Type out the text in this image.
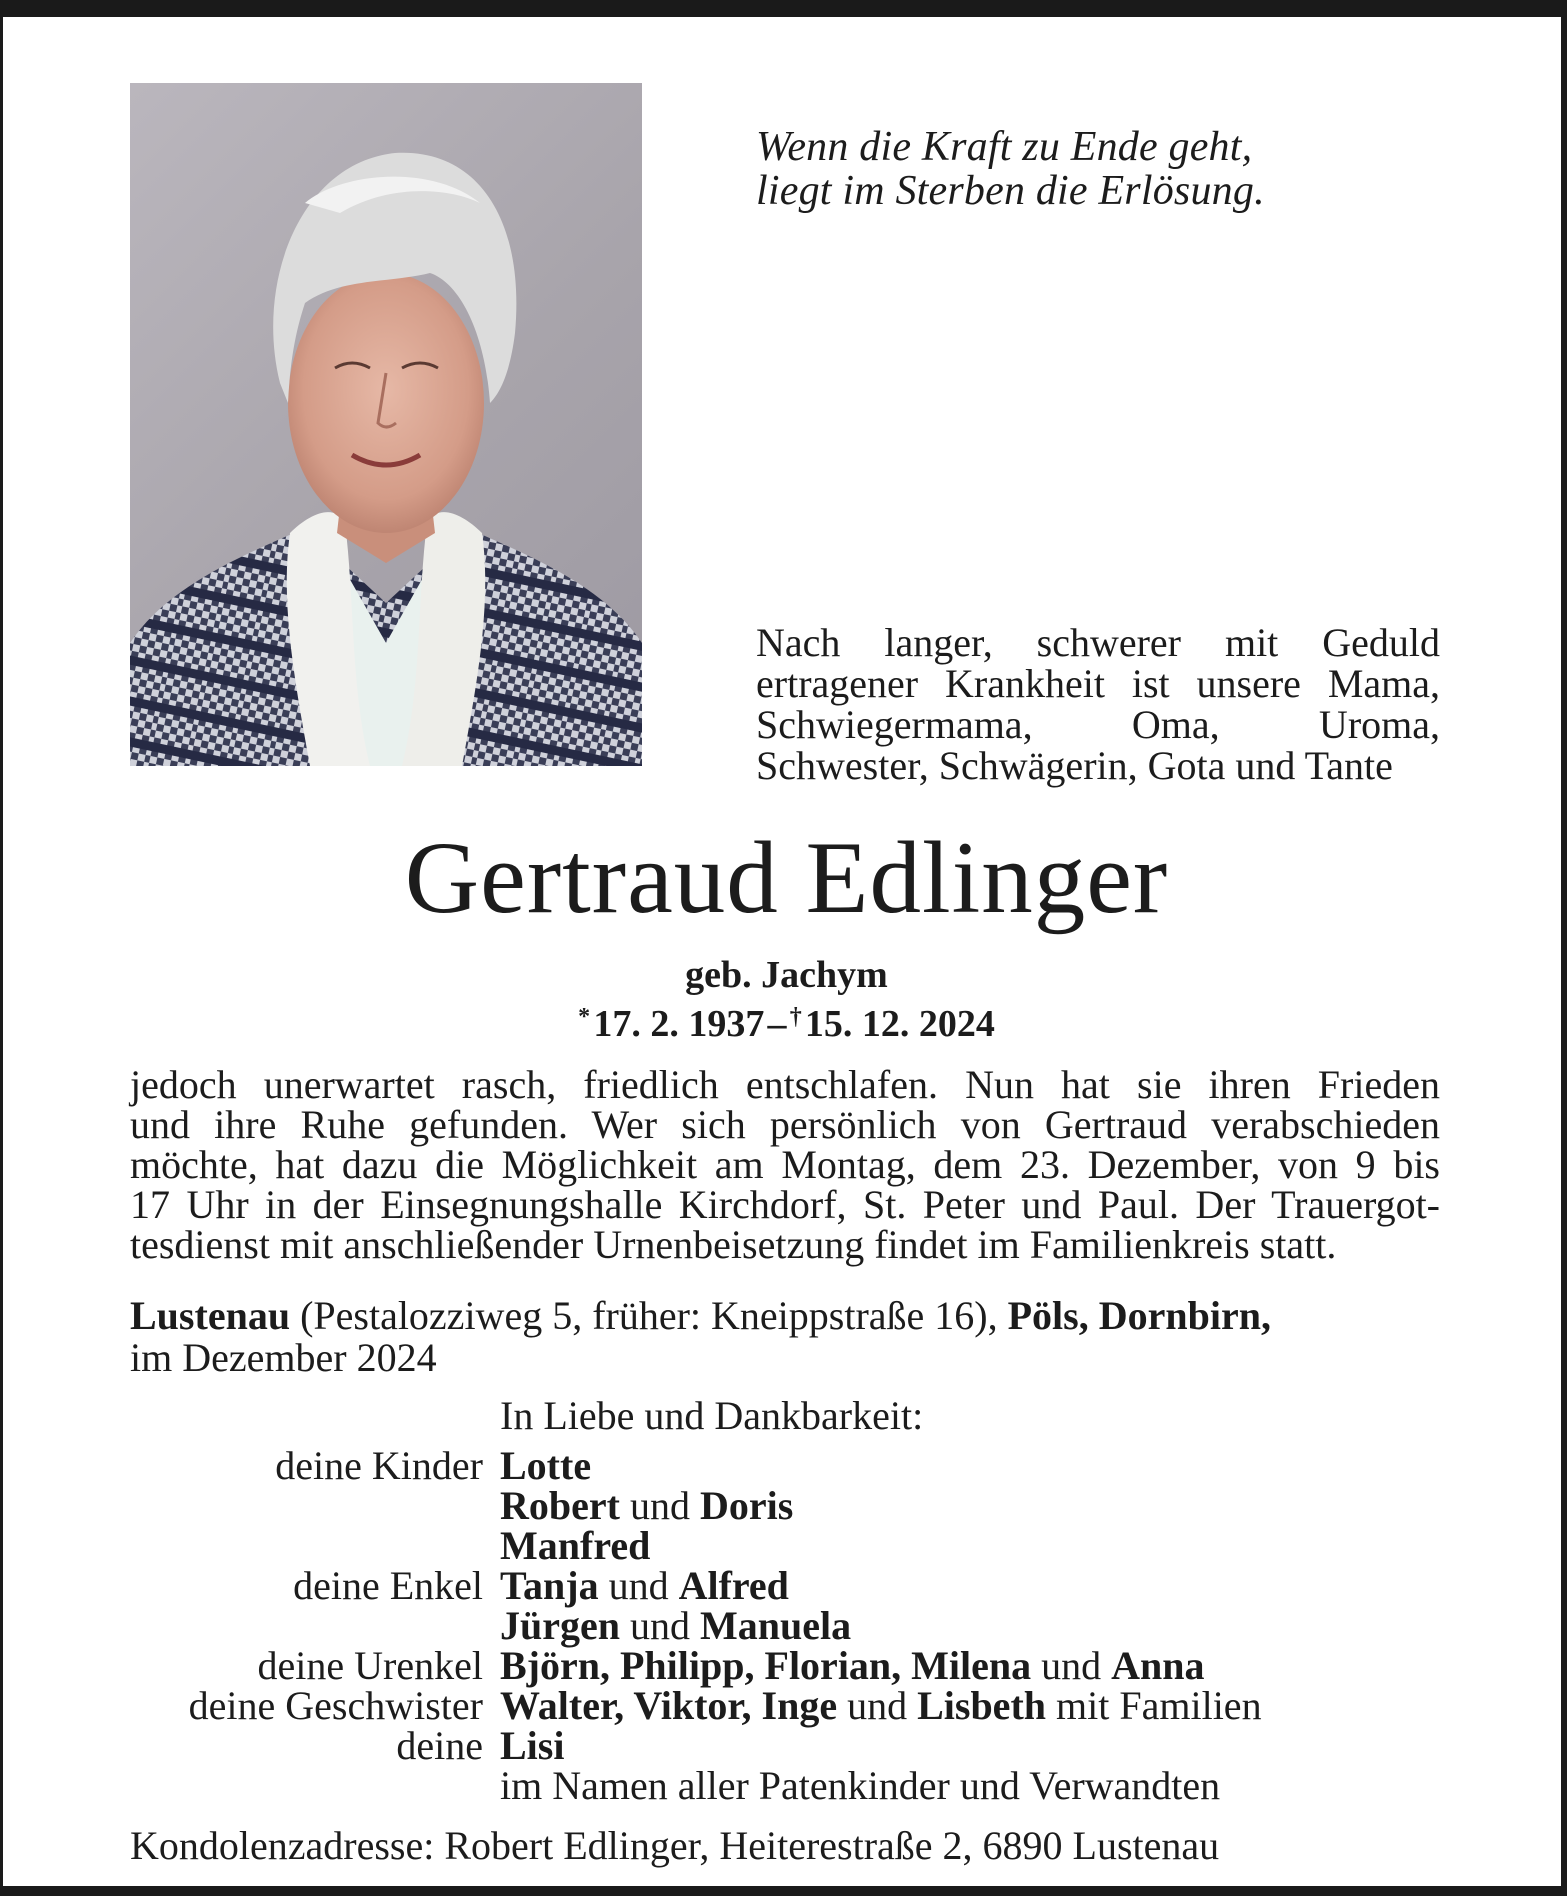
Wenn die Kraft zu Ende geht,
liegt im Sterben die Erlösung.
Nach langer, schwerer mit Geduld ertragener Krankheit ist unsere Mama, Schwiegermama, Oma, Uroma, Schwester, Schwägerin, Gota und Tante
Gertraud Edlinger
geb. Jachym
* 17. 2. 1937 –  † 15. 12. 2024
jedoch unerwartet rasch, friedlich entschlafen. Nun hat sie ihren Frieden
und ihre Ruhe gefunden. Wer sich persönlich von Gertraud verabschieden
möchte, hat dazu die Möglichkeit am Montag, dem 23. Dezember, von 9 bis
17 Uhr in der Einsegnungshalle Kirchdorf, St. Peter und Paul. Der Trauergot-
tesdienst mit anschließender Urnenbeisetzung findet im Familienkreis statt.
Lustenau (Pestalozziweg 5, früher: Kneippstraße 16), Pöls, Dornbirn,
im Dezember 2024
In Liebe und Dankbarkeit:
deine Kinder Lotte
Robert und Doris
Manfred
deine Enkel Tanja und Alfred
Jürgen und Manuela
deine Urenkel Björn, Philipp, Florian, Milena und Anna
deine Geschwister Walter, Viktor, Inge und Lisbeth mit Familien
deine Lisi
im Namen aller Patenkinder und Verwandten
Kondolenzadresse: Robert Edlinger, Heiterestraße 2, 6890 Lustenau
